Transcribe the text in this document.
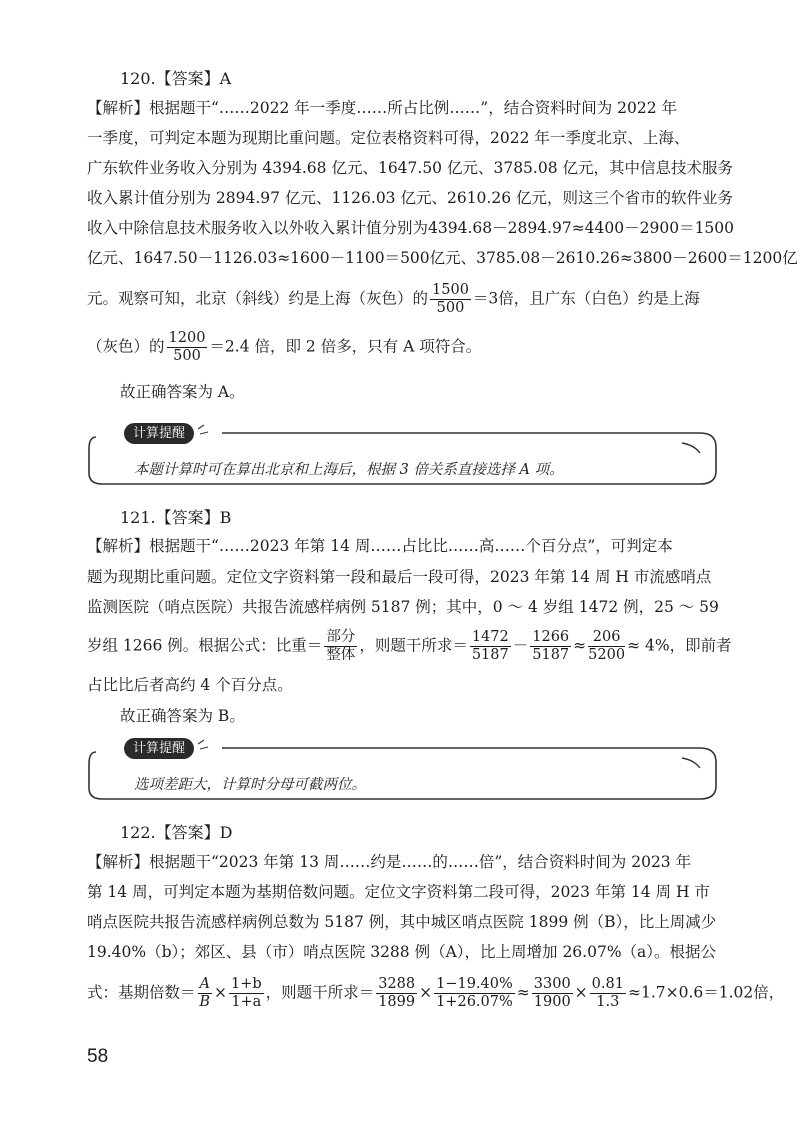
120.【答案】A
【解析】根据题干“……2022 年一季度……所占比例……”，结合资料时间为 2022 年
一季度，可判定本题为现期比重问题。定位表格资料可得，2022 年一季度北京、上海、
广东软件业务收入分别为 4394.68 亿元、1647.50 亿元、3785.08 亿元，其中信息技术服务
收入累计值分别为 2894.97 亿元、1126.03 亿元、2610.26 亿元，则这三个省市的软件业务
收入中除信息技术服务收入以外收入累计值分别为4394.68－2894.97≈4400－2900＝1500
亿元、1647.50－1126.03≈1600－1100＝500亿元、3785.08－2610.26≈3800－2600＝1200亿
元。观察可知，北京（斜线）约是上海（灰色）的 $\frac{1500}{500} =3$倍，且广东（白色）约是上海
（灰色）的 $\frac{1200}{500} =2.4$ 倍，即 2 倍多，只有 A 项符合。
故正确答案为 A。
计算提醒
本题计算时可在算出北京和上海后，根据 3 倍关系直接选择 A 项。
121.【答案】B
【解析】根据题干“……2023 年第 14 周……占比比……高……个百分点”，可判定本
题为现期比重问题。定位文字资料第一段和最后一段可得，2023 年第 14 周 H 市流感哨点
监测医院（哨点医院）共报告流感样病例 5187 例；其中，0 ～ 4 岁组 1472 例，25 ～ 59
岁组 1266 例。根据公式：比重＝ $\frac{\text{部分}}{\text{整体}}$ ，则题干所求＝ $\frac{1472}{5187} - \frac{1266}{5187} \approx \frac{206}{5200} \approx 4\%$，即前者
占比比后者高约 4 个百分点。
故正确答案为 B。
计算提醒
选项差距大，计算时分母可截两位。
122.【答案】D
【解析】根据题干“2023 年第 13 周……约是……的……倍”，结合资料时间为 2023 年
第 14 周，可判定本题为基期倍数问题。定位文字资料第二段可得，2023 年第 14 周 H 市
哨点医院共报告流感样病例总数为 5187 例，其中城区哨点医院 1899 例（B），比上周减少
19.40%（b）；郊区、县（市）哨点医院 3288 例（A），比上周增加 26.07%（a）。根据公
式：基期倍数＝ $\frac{A}{B} \times \frac{1+b}{1+a}$ ，则题干所求＝ $\frac{3288}{1899} \times \frac{1-19.40\%}{1+26.07\%} \approx \frac{3300}{1900} \times \frac{0.81}{1.3} \approx 1.7\times 0.6=1.02$倍，
58
